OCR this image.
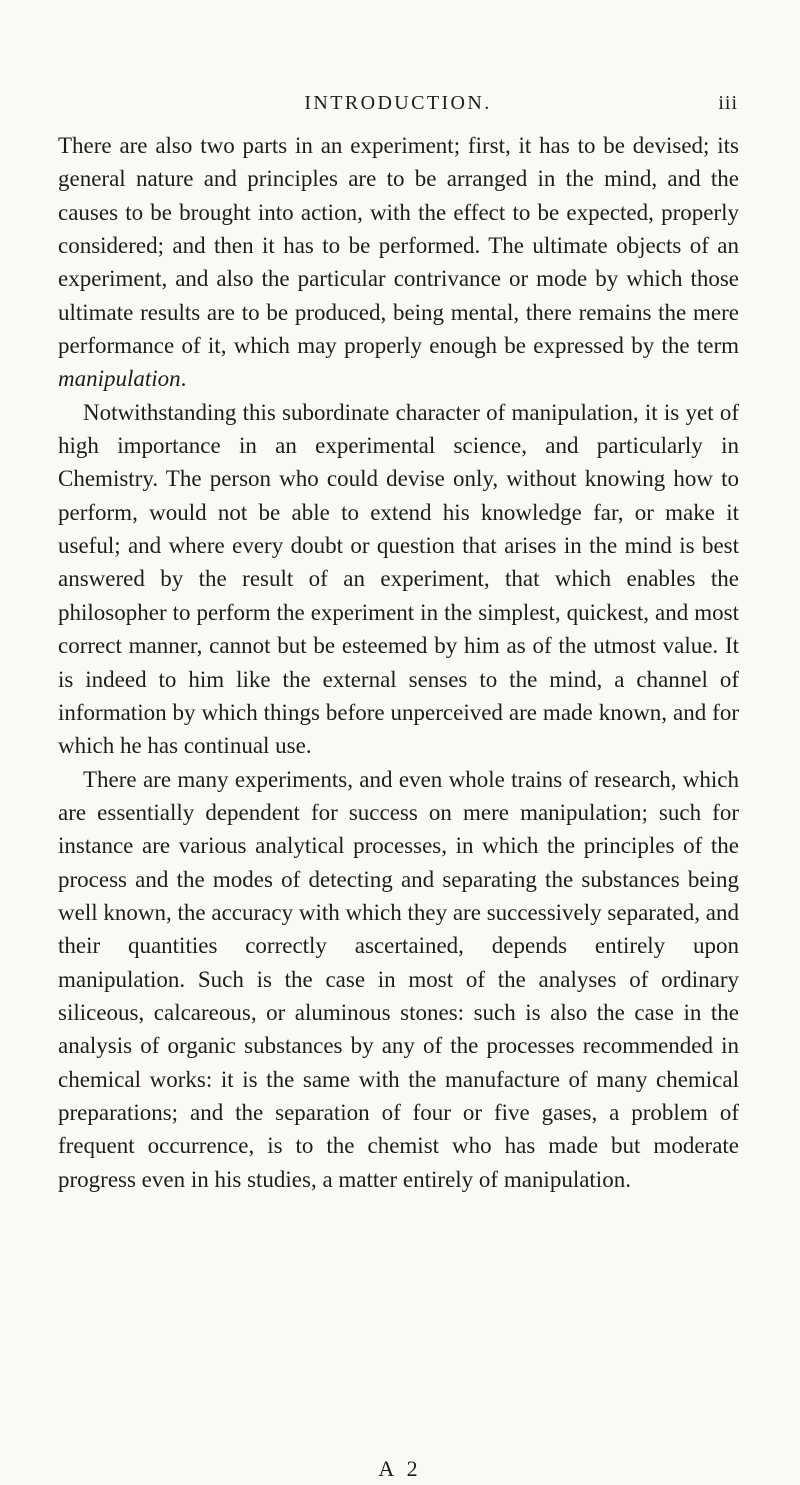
INTRODUCTION.	iii

There are also two parts in an experiment; first, it has to be devised; its general nature and principles are to be arranged in the mind, and the causes to be brought into action, with the effect to be expected, properly considered; and then it has to be performed. The ultimate objects of an experiment, and also the particular contrivance or mode by which those ultimate results are to be produced, being mental, there remains the mere performance of it, which may properly enough be expressed by the term manipulation.

Notwithstanding this subordinate character of manipulation, it is yet of high importance in an experimental science, and particularly in Chemistry. The person who could devise only, without knowing how to perform, would not be able to extend his knowledge far, or make it useful; and where every doubt or question that arises in the mind is best answered by the result of an experiment, that which enables the philosopher to perform the experiment in the simplest, quickest, and most correct manner, cannot but be esteemed by him as of the utmost value. It is indeed to him like the external senses to the mind, a channel of information by which things before unperceived are made known, and for which he has continual use.

There are many experiments, and even whole trains of research, which are essentially dependent for success on mere manipulation; such for instance are various analytical processes, in which the principles of the process and the modes of detecting and separating the substances being well known, the accuracy with which they are successively separated, and their quantities correctly ascertained, depends entirely upon manipulation. Such is the case in most of the analyses of ordinary siliceous, calcareous, or aluminous stones: such is also the case in the analysis of organic substances by any of the processes recommended in chemical works: it is the same with the manufacture of many chemical preparations; and the separation of four or five gases, a problem of frequent occurrence, is to the chemist who has made but moderate progress even in his studies, a matter entirely of manipulation.

A 2
